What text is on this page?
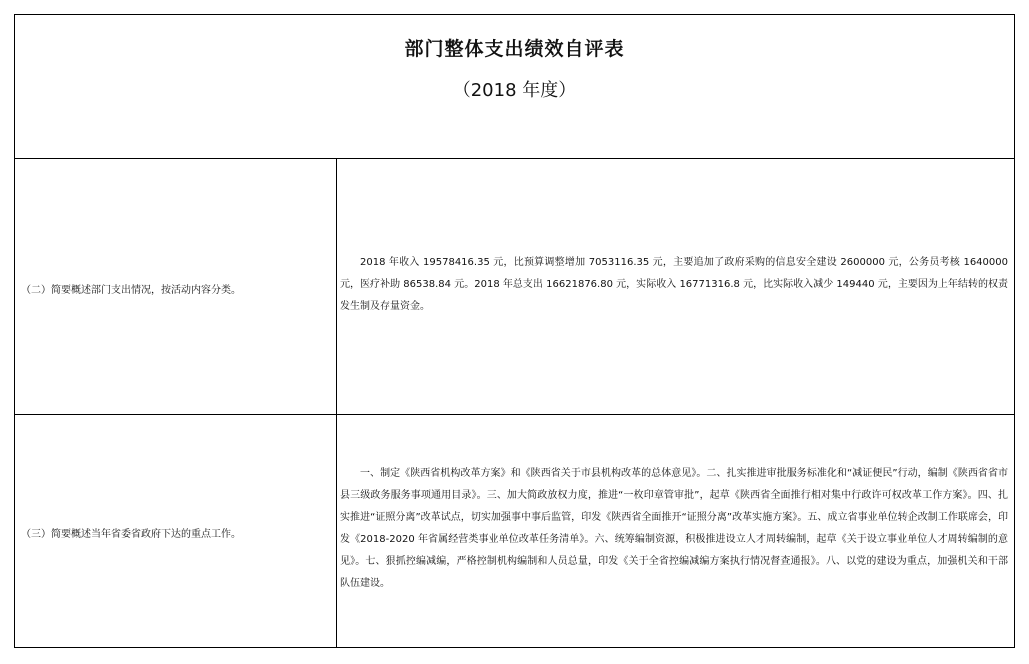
部门整体支出绩效自评表
（2018 年度）
（二）简要概述部门支出情况，按活动内容分类。

2018 年收入 19578416.35 元，比预算调整增加 7053116.35 元，主要追加了政府采购的信息安全建设 2600000 元，公务员考核 1640000 元，医疗补助 86538.84 元。2018 年总支出 16621876.80 元，实际收入 16771316.8 元，比实际收入减少 149440 元，主要因为上年结转的权责发生制及存量资金。

（三）简要概述当年省委省政府下达的重点工作。

一、制定《陕西省机构改革方案》和《陕西省关于市县机构改革的总体意见》。二、扎实推进审批服务标准化和“减证便民”行动，编制《陕西省省市县三级政务服务事项通用目录》。三、加大简政放权力度，推进“一枚印章管审批”，起草《陕西省全面推行相对集中行政许可权改革工作方案》。四、扎实推进“证照分离”改革试点，切实加强事中事后监管，印发《陕西省全面推开“证照分离”改革实施方案》。五、成立省事业单位转企改制工作联席会，印发《2018-2020 年省属经营类事业单位改革任务清单》。六、统筹编制资源，积极推进设立人才周转编制，起草《关于设立事业单位人才周转编制的意见》。七、狠抓控编减编，严格控制机构编制和人员总量，印发《关于全省控编减编方案执行情况督查通报》。八、以党的建设为重点，加强机关和干部队伍建设。
